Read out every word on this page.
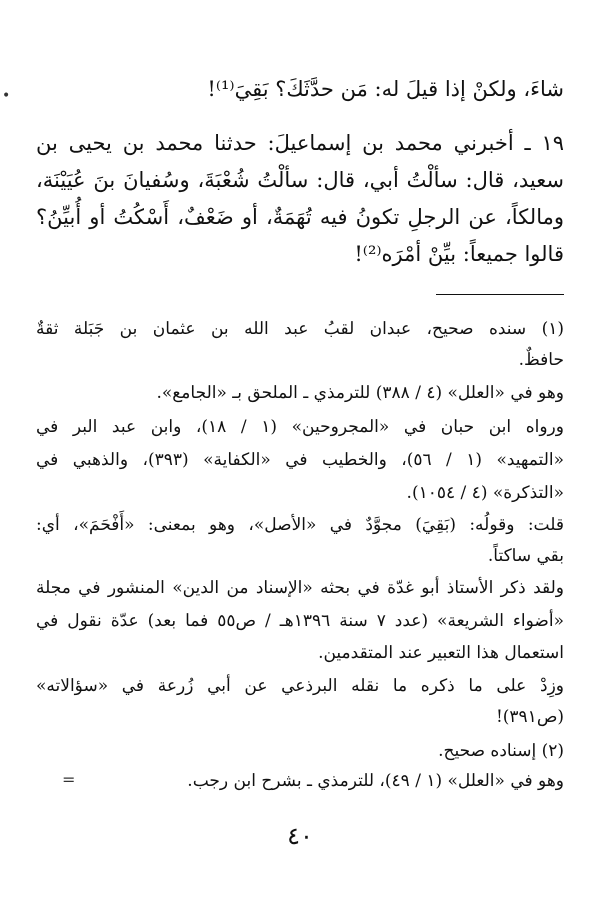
شاءَ، ولكنْ إذا قيلَ له: مَن حدَّثَكَ؟ بَقِيَ⁽¹⁾!
١٩ ـ أخبرني محمد بن إسماعيلَ: حدثنا محمد بن يحيى بن
سعيد، قال: سألْتُ أبي، قال: سألْتُ شُعْبَةَ، وسُفيانَ بنَ عُيَيْنَة،
ومالكاً، عن الرجلِ تكونُ فيه تُهَمَةٌ، أو ضَعْفٌ، أَسْكُتُ أو أُبيِّنُ؟
قالوا جميعاً: بيِّنْ أمْرَه⁽²⁾!
(١) سنده صحيح، عبدان لقبُ عبد الله بن عثمان بن جَبَلة ثقةٌ
حافظٌ.
وهو في «العلل» (٤ / ٣٨٨) للترمذي ـ الملحق بـ «الجامع».
ورواه ابن حبان في «المجروحين» (١ / ١٨)، وابن عبد البر في
«التمهيد» (١ / ٥٦)، والخطيب في «الكفاية» (٣٩٣)، والذهبي في
«التذكرة» (٤ / ١٠٥٤).
قلت: وقولُه: (بَقِيَ) مجوَّدٌ في «الأصل»، وهو بمعنى: «أَفْحَمَ»، أي:
بقي ساكتاً.
ولقد ذكر الأستاذ أبو غدّة في بحثه «الإسناد من الدين» المنشور في مجلة
«أضواء الشريعة» (عدد ٧ سنة ١٣٩٦هـ / ص٥٥ فما بعد) عدّة نقول في
استعمال هذا التعبير عند المتقدمين.
وزِدْ على ما ذكره ما نقله البرذعي عن أبي زُرعة في «سؤالاته»
(ص٣٩١)!
(٢) إسناده صحيح.
وهو في «العلل» (١ / ٤٩)، للترمذي ـ بشرح ابن رجب.
٤٠
•
=
